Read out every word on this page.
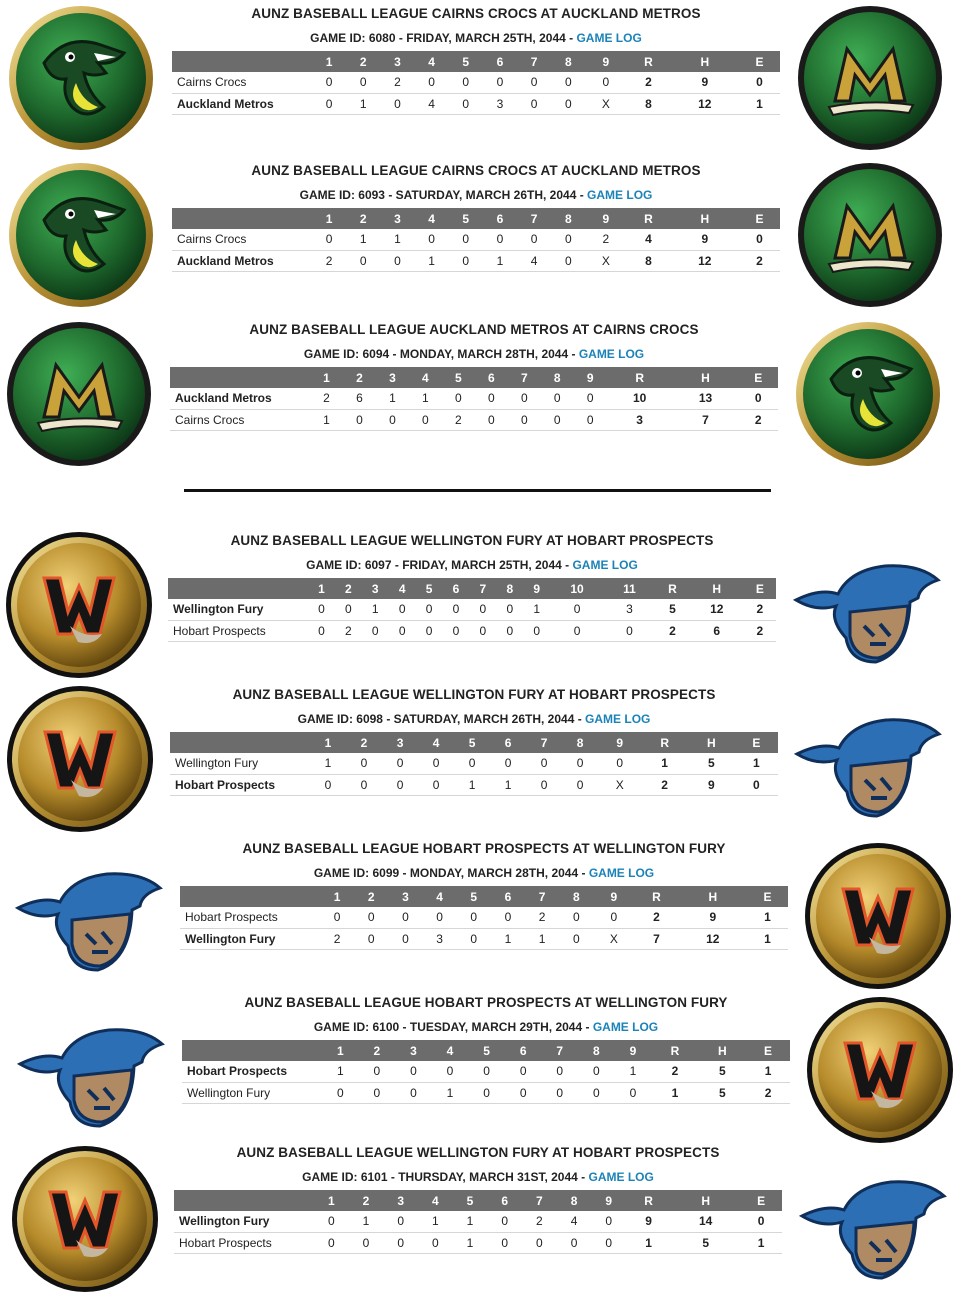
AUNZ BASEBALL LEAGUE CAIRNS CROCS AT AUCKLAND METROS
GAME ID: 6080 - FRIDAY, MARCH 25TH, 2044 - GAME LOG
	1	2	3	4	5	6	7	8	9	R	H	E
Cairns Crocs	0	0	2	0	0	0	0	0	0	2	9	0
Auckland Metros	0	1	0	4	0	3	0	0	X	8	12	1
AUNZ BASEBALL LEAGUE CAIRNS CROCS AT AUCKLAND METROS
GAME ID: 6093 - SATURDAY, MARCH 26TH, 2044 - GAME LOG
	1	2	3	4	5	6	7	8	9	R	H	E
Cairns Crocs	0	1	1	0	0	0	0	0	2	4	9	0
Auckland Metros	2	0	0	1	0	1	4	0	X	8	12	2
AUNZ BASEBALL LEAGUE AUCKLAND METROS AT CAIRNS CROCS
GAME ID: 6094 - MONDAY, MARCH 28TH, 2044 - GAME LOG
	1	2	3	4	5	6	7	8	9	R	H	E
Auckland Metros	2	6	1	1	0	0	0	0	0	10	13	0
Cairns Crocs	1	0	0	0	2	0	0	0	0	3	7	2
AUNZ BASEBALL LEAGUE WELLINGTON FURY AT HOBART PROSPECTS
GAME ID: 6097 - FRIDAY, MARCH 25TH, 2044 - GAME LOG
	1	2	3	4	5	6	7	8	9	10	11	R	H	E
Wellington Fury	0	0	1	0	0	0	0	0	1	0	3	5	12	2
Hobart Prospects	0	2	0	0	0	0	0	0	0	0	0	2	6	2
AUNZ BASEBALL LEAGUE WELLINGTON FURY AT HOBART PROSPECTS
GAME ID: 6098 - SATURDAY, MARCH 26TH, 2044 - GAME LOG
	1	2	3	4	5	6	7	8	9	R	H	E
Wellington Fury	1	0	0	0	0	0	0	0	0	1	5	1
Hobart Prospects	0	0	0	0	1	1	0	0	X	2	9	0
AUNZ BASEBALL LEAGUE HOBART PROSPECTS AT WELLINGTON FURY
GAME ID: 6099 - MONDAY, MARCH 28TH, 2044 - GAME LOG
	1	2	3	4	5	6	7	8	9	R	H	E
Hobart Prospects	0	0	0	0	0	0	2	0	0	2	9	1
Wellington Fury	2	0	0	3	0	1	1	0	X	7	12	1
AUNZ BASEBALL LEAGUE HOBART PROSPECTS AT WELLINGTON FURY
GAME ID: 6100 - TUESDAY, MARCH 29TH, 2044 - GAME LOG
	1	2	3	4	5	6	7	8	9	R	H	E
Hobart Prospects	1	0	0	0	0	0	0	0	1	2	5	1
Wellington Fury	0	0	0	1	0	0	0	0	0	1	5	2
AUNZ BASEBALL LEAGUE WELLINGTON FURY AT HOBART PROSPECTS
GAME ID: 6101 - THURSDAY, MARCH 31ST, 2044 - GAME LOG
	1	2	3	4	5	6	7	8	9	R	H	E
Wellington Fury	0	1	0	1	1	0	2	4	0	9	14	0
Hobart Prospects	0	0	0	0	1	0	0	0	0	1	5	1
